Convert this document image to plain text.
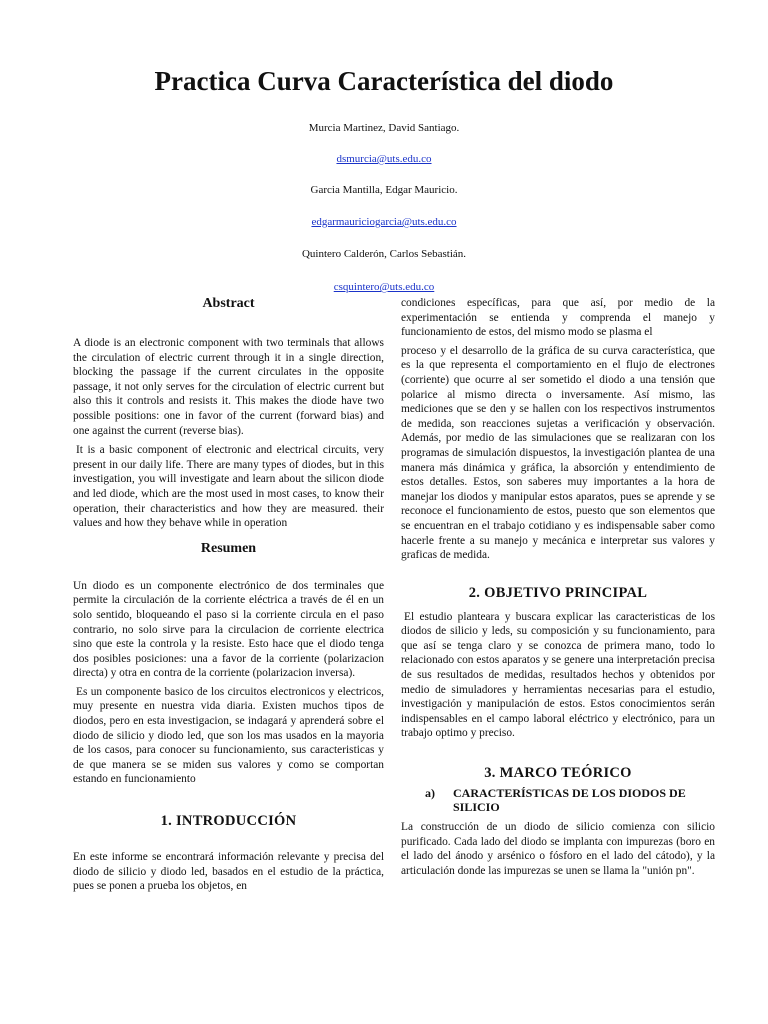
Practica Curva Característica del diodo
Murcia Martinez, David Santiago.
dsmurcia@uts.edu.co
Garcia Mantilla, Edgar Mauricio.
edgarmauriciogarcia@uts.edu.co
Quintero Calderón, Carlos Sebastián.
csquintero@uts.edu.co
Abstract

A diode is an electronic component with two terminals that allows the circulation of electric current through it in a single direction, blocking the passage if the current circulates in the opposite passage, it not only serves for the circulation of electric current but also this it controls and resists it. This makes the diode have two possible positions: one in favor of the current (forward bias) and one against the current (reverse bias).

It is a basic component of electronic and electrical circuits, very present in our daily life. There are many types of diodes, but in this investigation, you will investigate and learn about the silicon diode and led diode, which are the most used in most cases, to know their operation, their characteristics and how they are measured. their values and how they behave while in operation

Resumen

Un diodo es un componente electrónico de dos terminales que permite la circulación de la corriente eléctrica a través de él en un solo sentido, bloqueando el paso si la corriente circula en el paso contrario, no solo sirve para la circulacion de corriente electrica sino que este la controla y la resiste. Esto hace que el diodo tenga dos posibles posiciones: una a favor de la corriente (polarizacion directa) y otra en contra de la corriente (polarizacion inversa).

Es un componente basico de los circuitos electronicos y electricos, muy presente en nuestra vida diaria. Existen muchos tipos de diodos, pero en esta investigacion, se indagará y aprenderá sobre el diodo de silicio y diodo led, que son los mas usados en la mayoria de los casos, para conocer su funcionamiento, sus caracteristicas y de que manera se se miden sus valores y como se comportan estando en funcionamiento

1. INTRODUCCIÓN

En este informe se encontrará información relevante y precisa del diodo de silicio y diodo led, basados en el estudio de la práctica, pues se ponen a prueba los objetos, en

condiciones específicas, para que así, por medio de la experimentación se entienda y comprenda el manejo y funcionamiento de estos, del mismo modo se plasma el

proceso y el desarrollo de la gráfica de su curva característica, que es la que representa el comportamiento en el flujo de electrones (corriente) que ocurre al ser sometido el diodo a una tensión que polarice al mismo directa o inversamente. Así mismo, las mediciones que se den y se hallen con los respectivos instrumentos de medida, son reacciones sujetas a verificación y observación. Además, por medio de las simulaciones que se realizaran con los programas de simulación dispuestos, la investigación plantea de una manera más dinámica y gráfica, la absorción y entendimiento de estos detalles. Estos, son saberes muy importantes a la hora de manejar los diodos y manipular estos aparatos, pues se aprende y se reconoce el funcionamiento de estos, puesto que son elementos que se encuentran en el trabajo cotidiano y es indispensable saber como hacerle frente a su manejo y mecánica e interpretar sus valores y graficas de medida.

2. OBJETIVO PRINCIPAL

El estudio planteara y buscara explicar las caracteristicas de los diodos de silicio y leds, su composición y su funcionamiento, para que así se tenga claro y se conozca de primera mano, todo lo relacionado con estos aparatos y se genere una interpretación precisa de sus resultados de medidas, resultados hechos y obtenidos por medio de simuladores y herramientas necesarias para el estudio, investigación y manipulación de estos. Estos conocimientos serán indispensables en el campo laboral eléctrico y electrónico, para un trabajo optimo y preciso.

3. MARCO TEÓRICO
a)	CARACTERÍSTICAS DE LOS DIODOS DE SILICIO

La construcción de un diodo de silicio comienza con silicio purificado. Cada lado del diodo se implanta con impurezas (boro en el lado del ánodo y arsénico o fósforo en el lado del cátodo), y la articulación donde las impurezas se unen se llama la "unión pn".
